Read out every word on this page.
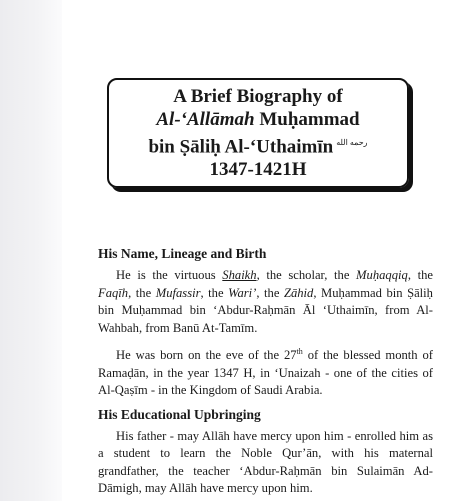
A Brief Biography of
Al-‘Allāmah Muḥammad
bin Ṣāliḥ Al-‘Uthaimīn $^{رحمه الله}$
1347-1421H
His Name, Lineage and Birth

He is the virtuous Shaikh, the scholar, the Muḥaqqiq, the Faqīh, the Mufassir, the Wari’, the Zāhid, Muḥammad bin Ṣāliḥ bin Muḥammad bin ‘Abdur-Raḥmān Āl ‘Uthaimīn, from Al-Wahbah, from Banū At-Tamīm.

He was born on the eve of the 27th of the blessed month of Ramaḍān, in the year 1347 H, in ‘Unaizah - one of the cities of Al-Qaṣīm - in the Kingdom of Saudi Arabia.

His Educational Upbringing

His father - may Allāh have mercy upon him - enrolled him as a student to learn the Noble Qur’ān, with his maternal grandfather, the teacher ‘Abdur-Raḥmān bin Sulaimān Ad-Dāmigh, may Allāh have mercy upon him.
